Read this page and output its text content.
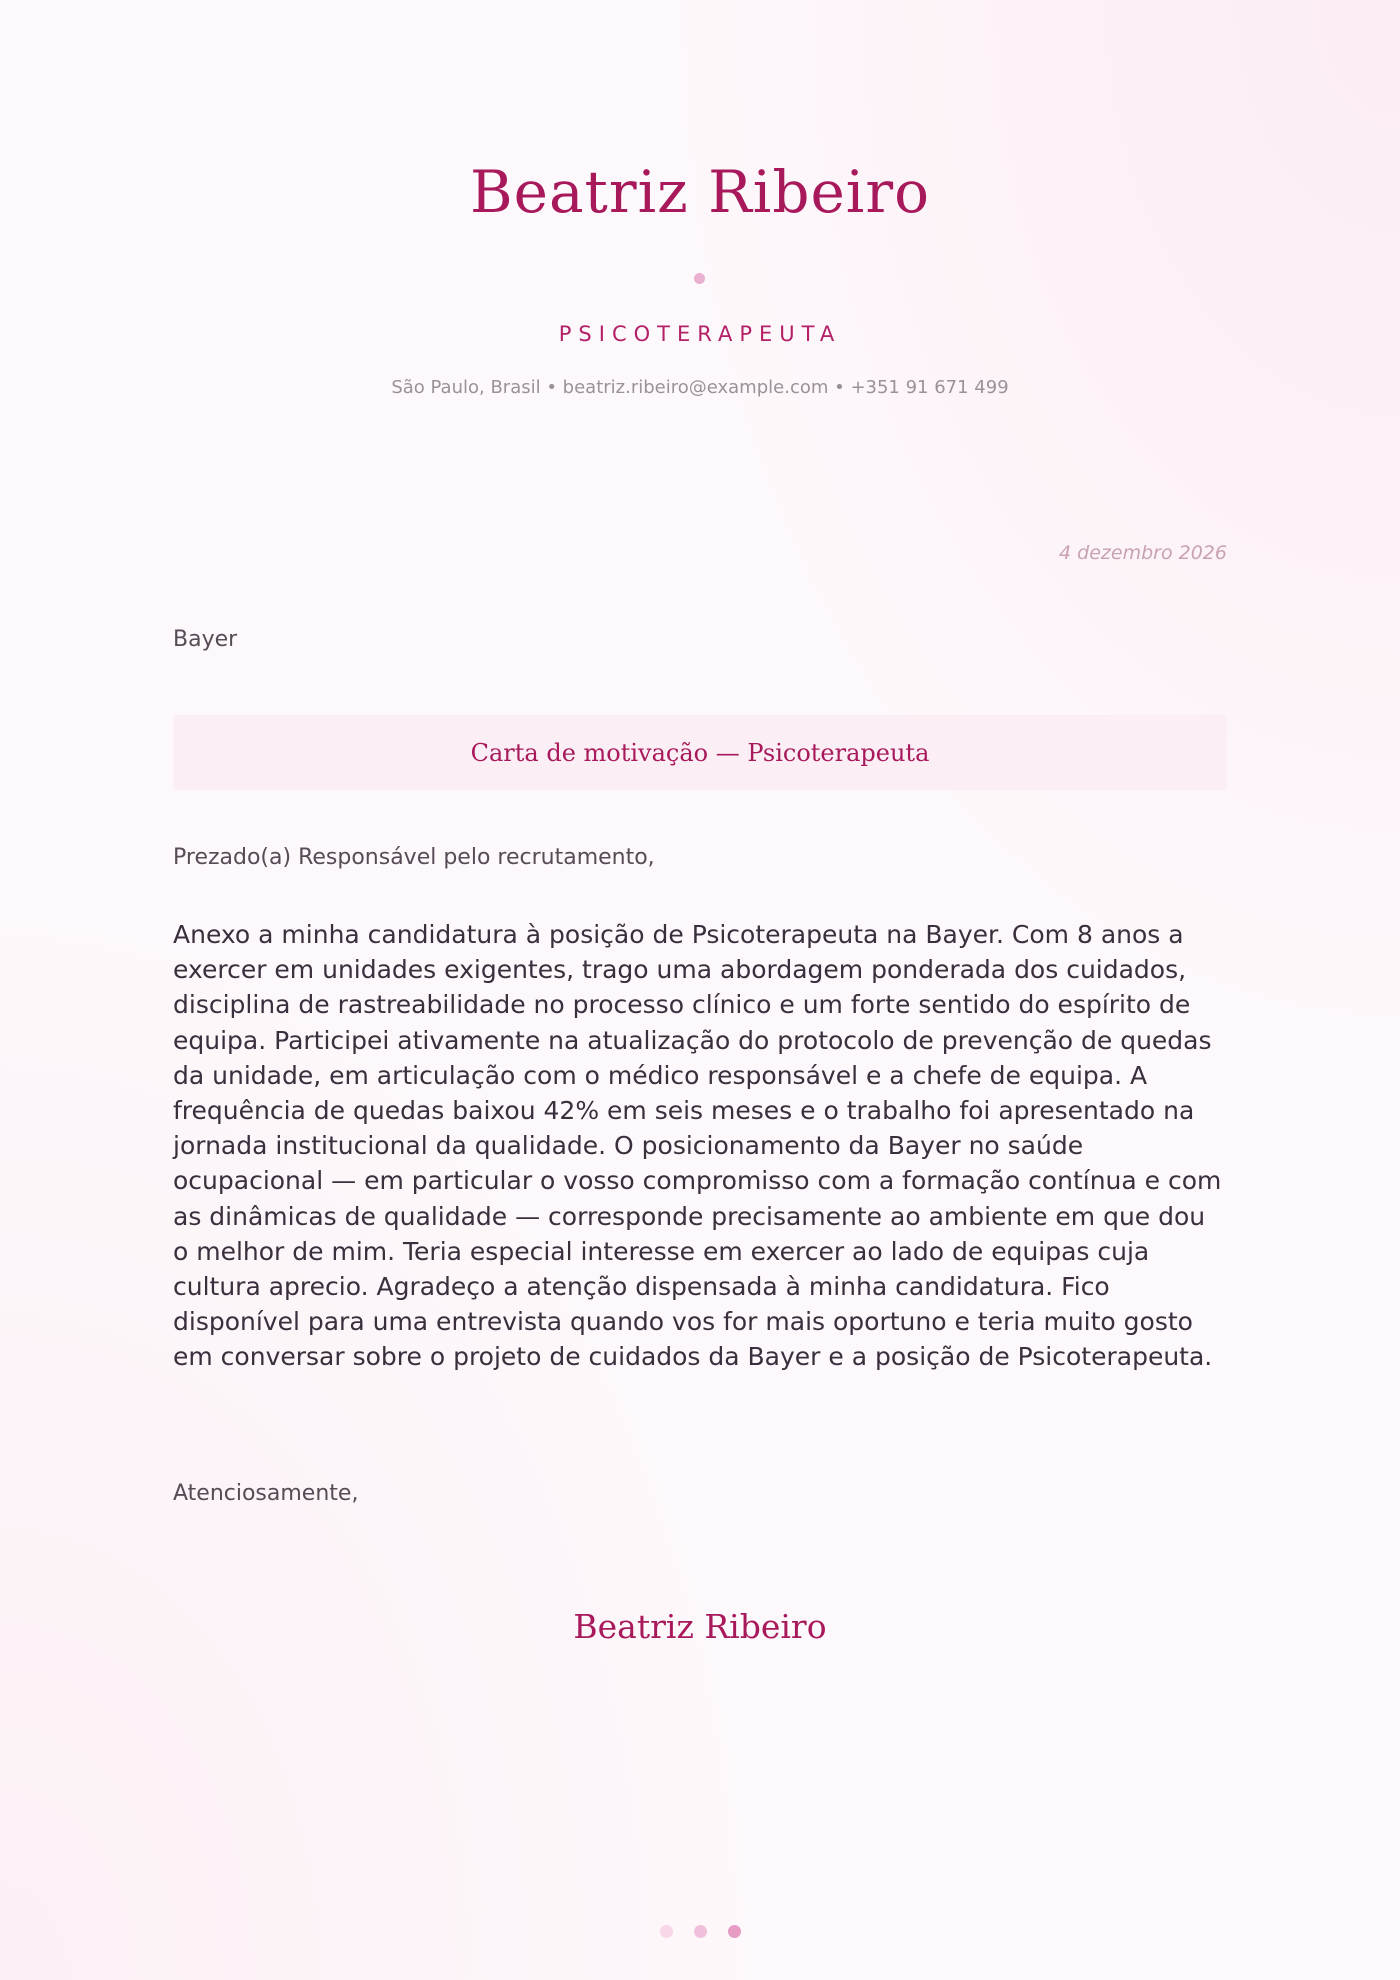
Beatriz Ribeiro
PSICOTERAPEUTA
São Paulo, Brasil • beatriz.ribeiro@example.com • +351 91 671 499
4 dezembro 2026
Bayer
Carta de motivação — Psicoterapeuta
Prezado(a) Responsável pelo recrutamento,

Anexo a minha candidatura à posição de Psicoterapeuta na Bayer. Com 8 anos a exercer em unidades exigentes, trago uma abordagem ponderada dos cuidados, disciplina de rastreabilidade no processo clínico e um forte sentido do espírito de equipa. Participei ativamente na atualização do protocolo de prevenção de quedas da unidade, em articulação com o médico responsável e a chefe de equipa. A frequência de quedas baixou 42% em seis meses e o trabalho foi apresentado na jornada institucional da qualidade. O posicionamento da Bayer no saúde ocupacional — em particular o vosso compromisso com a formação contínua e com as dinâmicas de qualidade — corresponde precisamente ao ambiente em que dou o melhor de mim. Teria especial interesse em exercer ao lado de equipas cuja cultura aprecio. Agradeço a atenção dispensada à minha candidatura. Fico disponível para uma entrevista quando vos for mais oportuno e teria muito gosto em conversar sobre o projeto de cuidados da Bayer e a posição de Psicoterapeuta.

Atenciosamente,
Beatriz Ribeiro
